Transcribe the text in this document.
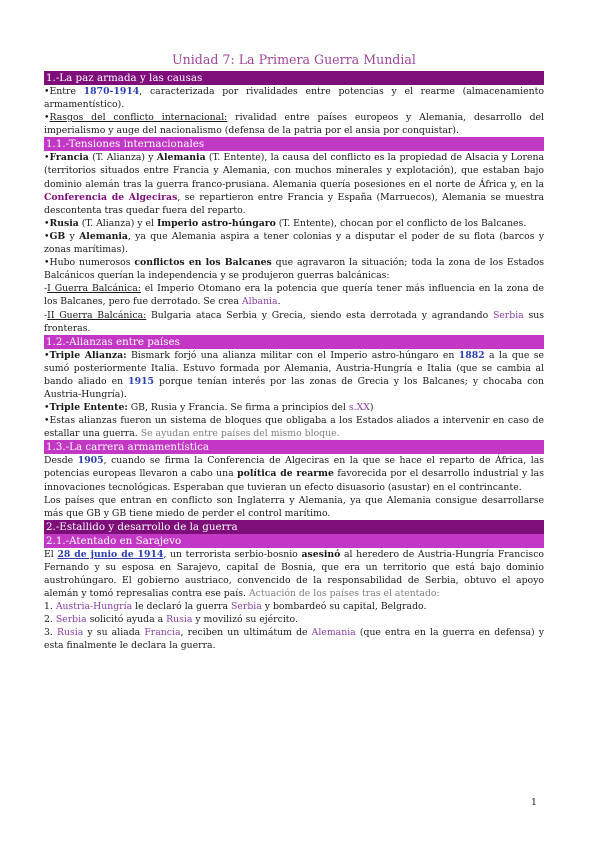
Unidad 7: La Primera Guerra Mundial
1.-La paz armada y las causas

•Entre 1870-1914, caracterizada por rivalidades entre potencias y el rearme (almacenamiento armamentístico).

•Rasgos del conflicto internacional: rivalidad entre países europeos y Alemania, desarrollo del imperialismo y auge del nacionalismo (defensa de la patria por el ansia por conquistar).

1.1.-Tensiones internacionales

•Francia (T. Alianza) y Alemania (T. Entente), la causa del conflicto es la propiedad de Alsacia y Lorena (territorios situados entre Francia y Alemania, con muchos minerales y explotación), que estaban bajo dominio alemán tras la guerra franco-prusiana. Alemania quería posesiones en el norte de África y, en la Conferencia de Algeciras, se repartieron entre Francia y España (Marruecos), Alemania se muestra descontenta tras quedar fuera del reparto.

•Rusia (T. Alianza) y el Imperio astro-húngaro (T. Entente), chocan por el conflicto de los Balcanes.

•GB y Alemania, ya que Alemania aspira a tener colonias y a disputar el poder de su flota (barcos y zonas marítimas).

•Hubo numerosos conflictos en los Balcanes que agravaron la situación; toda la zona de los Estados Balcánicos querían la independencia y se produjeron guerras balcánicas:

-I Guerra Balcánica: el Imperio Otomano era la potencia que quería tener más influencia en la zona de los Balcanes, pero fue derrotado. Se crea Albania.

-II Guerra Balcánica: Bulgaria ataca Serbia y Grecia, siendo esta derrotada y agrandando Serbia sus fronteras.

1.2.-Alianzas entre países

•Triple Alianza: Bismark forjó una alianza militar con el Imperio astro-húngaro en 1882 a la que se sumó posteriormente Italia. Estuvo formada por Alemania, Austria-Hungría e Italia (que se cambia al bando aliado en 1915 porque tenían interés por las zonas de Grecia y los Balcanes; y chocaba con Austria-Hungría).

•Triple Entente: GB, Rusia y Francia. Se firma a principios del s.XX)

•Estas alianzas fueron un sistema de bloques que obligaba a los Estados aliados a intervenir en caso de estallar una guerra. Se ayudan entre países del mismo bloque.

1.3.-La carrera armamentística

Desde 1905, cuando se firma la Conferencia de Algeciras en la que se hace el reparto de África, las potencias europeas llevaron a cabo una política de rearme favorecida por el desarrollo industrial y las innovaciones tecnológicas. Esperaban que tuvieran un efecto disuasorio (asustar) en el contrincante.

Los países que entran en conflicto son Inglaterra y Alemania, ya que Alemania consigue desarrollarse más que GB y GB tiene miedo de perder el control marítimo.

2.-Estallido y desarrollo de la guerra
2.1.-Atentado en Sarajevo

El 28 de junio de 1914, un terrorista serbio-bosnio asesinó al heredero de Austria-Hungría Francisco Fernando y su esposa en Sarajevo, capital de Bosnia, que era un territorio que está bajo dominio austrohúngaro. El gobierno austriaco, convencido de la responsabilidad de Serbia, obtuvo el apoyo alemán y tomó represalias contra ese país. Actuación de los países tras el atentado:

1. Austria-Hungría le declaró la guerra Serbia y bombardeó su capital, Belgrado.

2. Serbia solicitó ayuda a Rusia y movilizó su ejército.

3. Rusia y su aliada Francia, reciben un ultimátum de Alemania (que entra en la guerra en defensa) y esta finalmente le declara la guerra.

1
